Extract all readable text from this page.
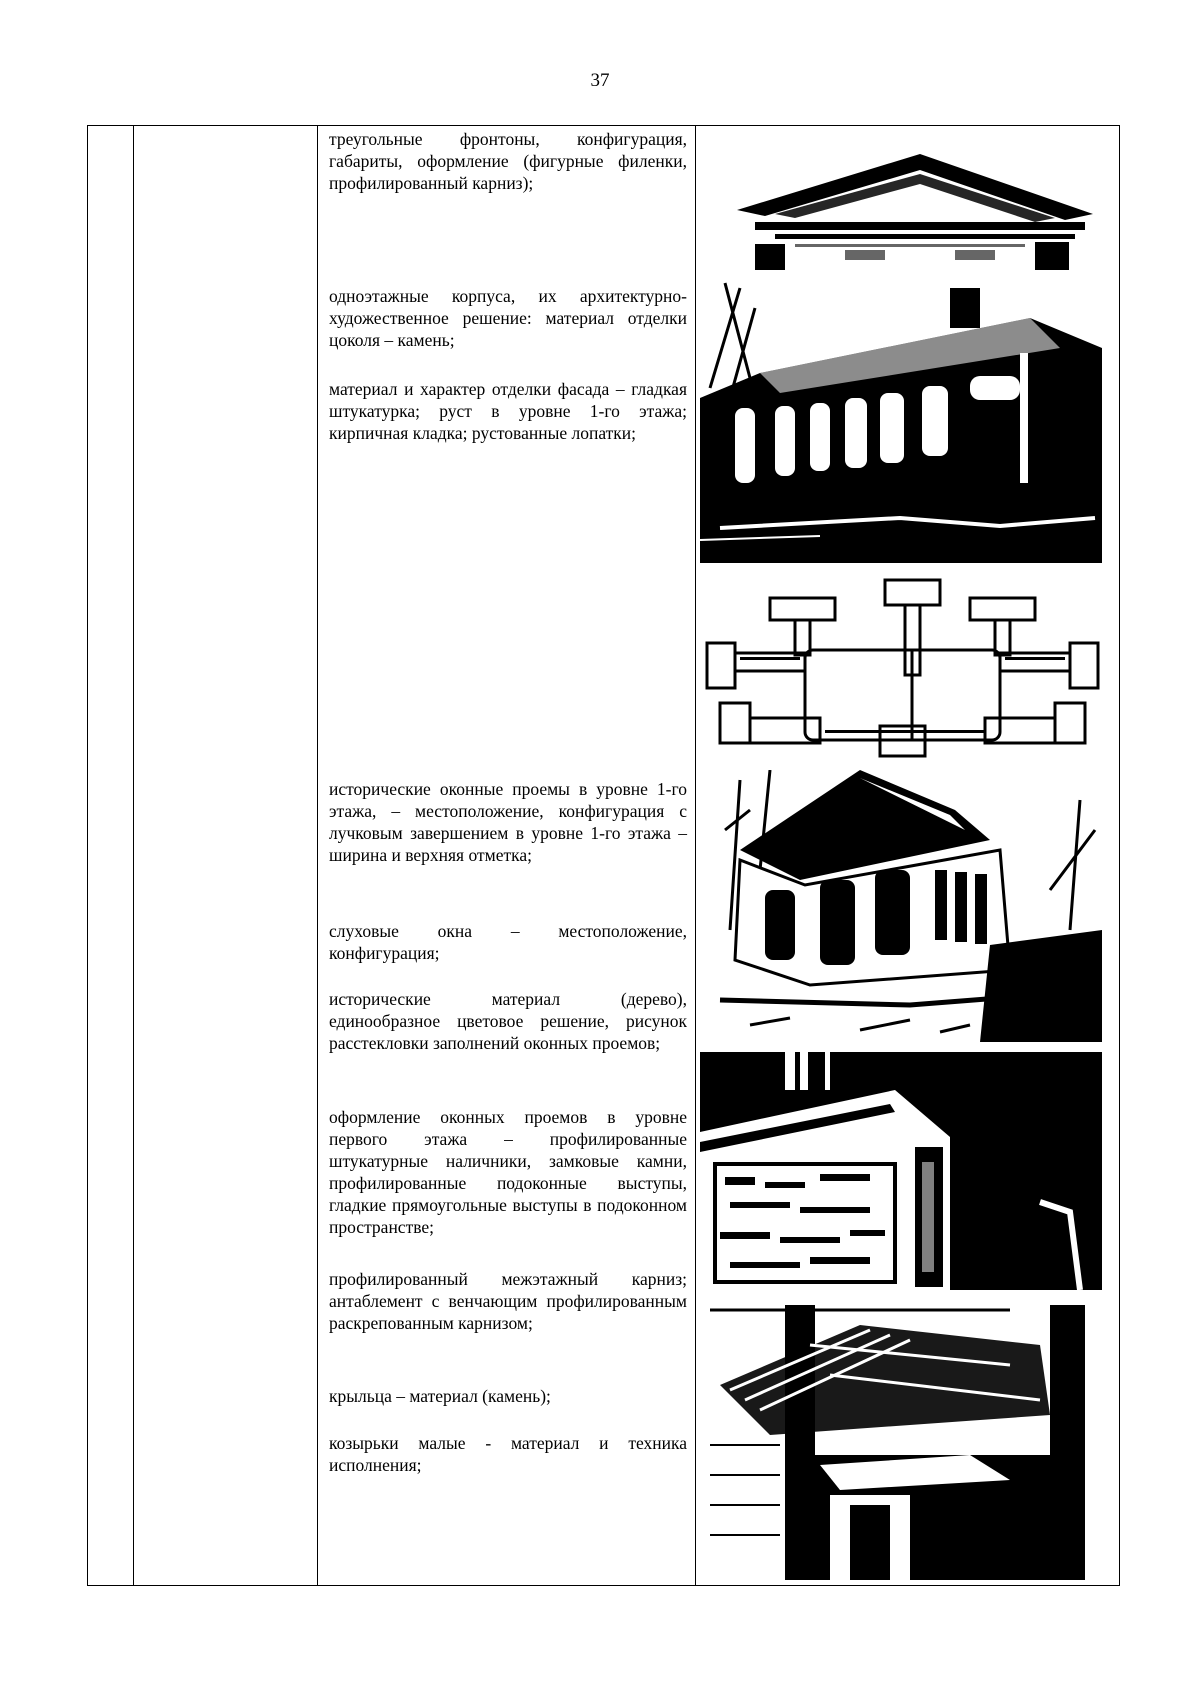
37
треугольные фронтоны, конфигурация, габариты, оформление (фигурные филенки, профилированный карниз);
одноэтажные корпуса, их архитектурно-художественное решение: материал отделки цоколя – камень;
материал и характер отделки фасада – гладкая штукатурка; руст в уровне 1-го этажа; кирпичная кладка; рустованные лопатки;
исторические оконные проемы в уровне 1-го этажа, – местоположение, конфигурация с лучковым завершением в уровне 1-го этажа – ширина и верхняя отметка;
слуховые окна – местоположение, конфигурация;
исторические материал (дерево), единообразное цветовое решение, рисунок расстекловки заполнений оконных проемов;
оформление оконных проемов в уровне первого этажа – профилированные штукатурные наличники, замковые камни, профилированные подоконные выступы, гладкие прямоугольные выступы в подоконном пространстве;
профилированный межэтажный карниз; антаблемент с венчающим профилированным раскрепованным карнизом;
крыльца – материал (камень);
козырьки малые - материал и техника исполнения;
